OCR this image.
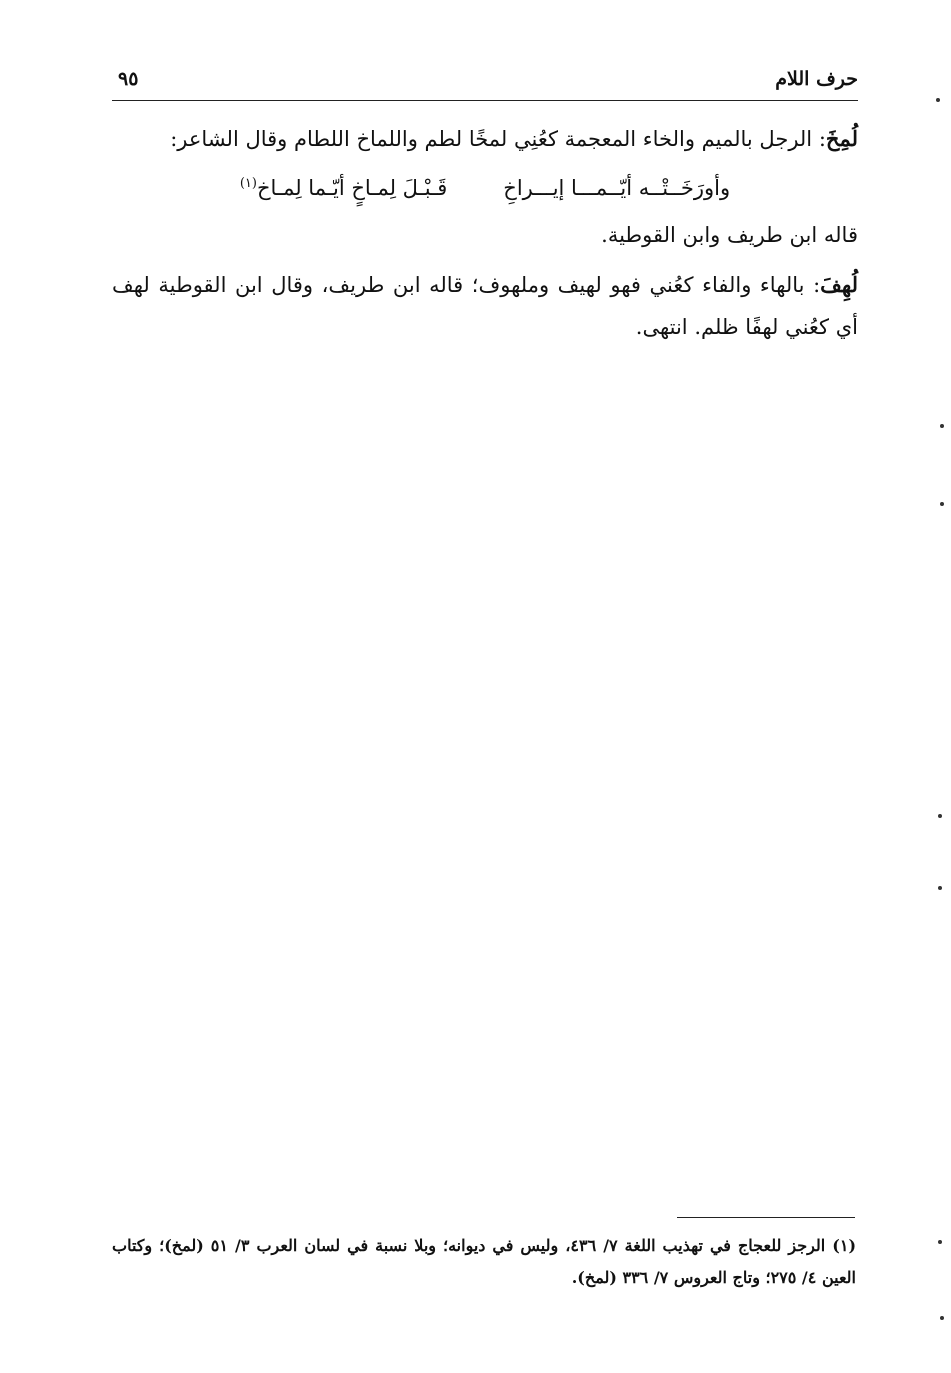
حرف اللام
٩٥

لُمِخَ: الرجل بالميم والخاء المعجمة كعُنِي لمخًا لطم واللماخ اللطام وقال الشاعر:

وأورَخَــتْــه أيّــمـــا إيـــراخِ
قَـبْـلَ لِمـاخٍ أيّـما لِمـاخ$^{(١)}$

قاله ابن طريف وابن القوطية.

لُهِفَ: بالهاء والفاء كعُني فهو لهيف وملهوف؛ قاله ابن طريف، وقال ابن القوطية لهف أي كعُني لهفًا ظلم. انتهى.

(١) الرجز للعجاج في تهذيب اللغة ٧/ ٤٣٦، وليس في ديوانه؛ وبلا نسبة في لسان العرب ٣/ ٥١ (لمخ)؛ وكتاب العين ٤/ ٢٧٥؛ وتاج العروس ٧/ ٣٣٦ (لمخ).
